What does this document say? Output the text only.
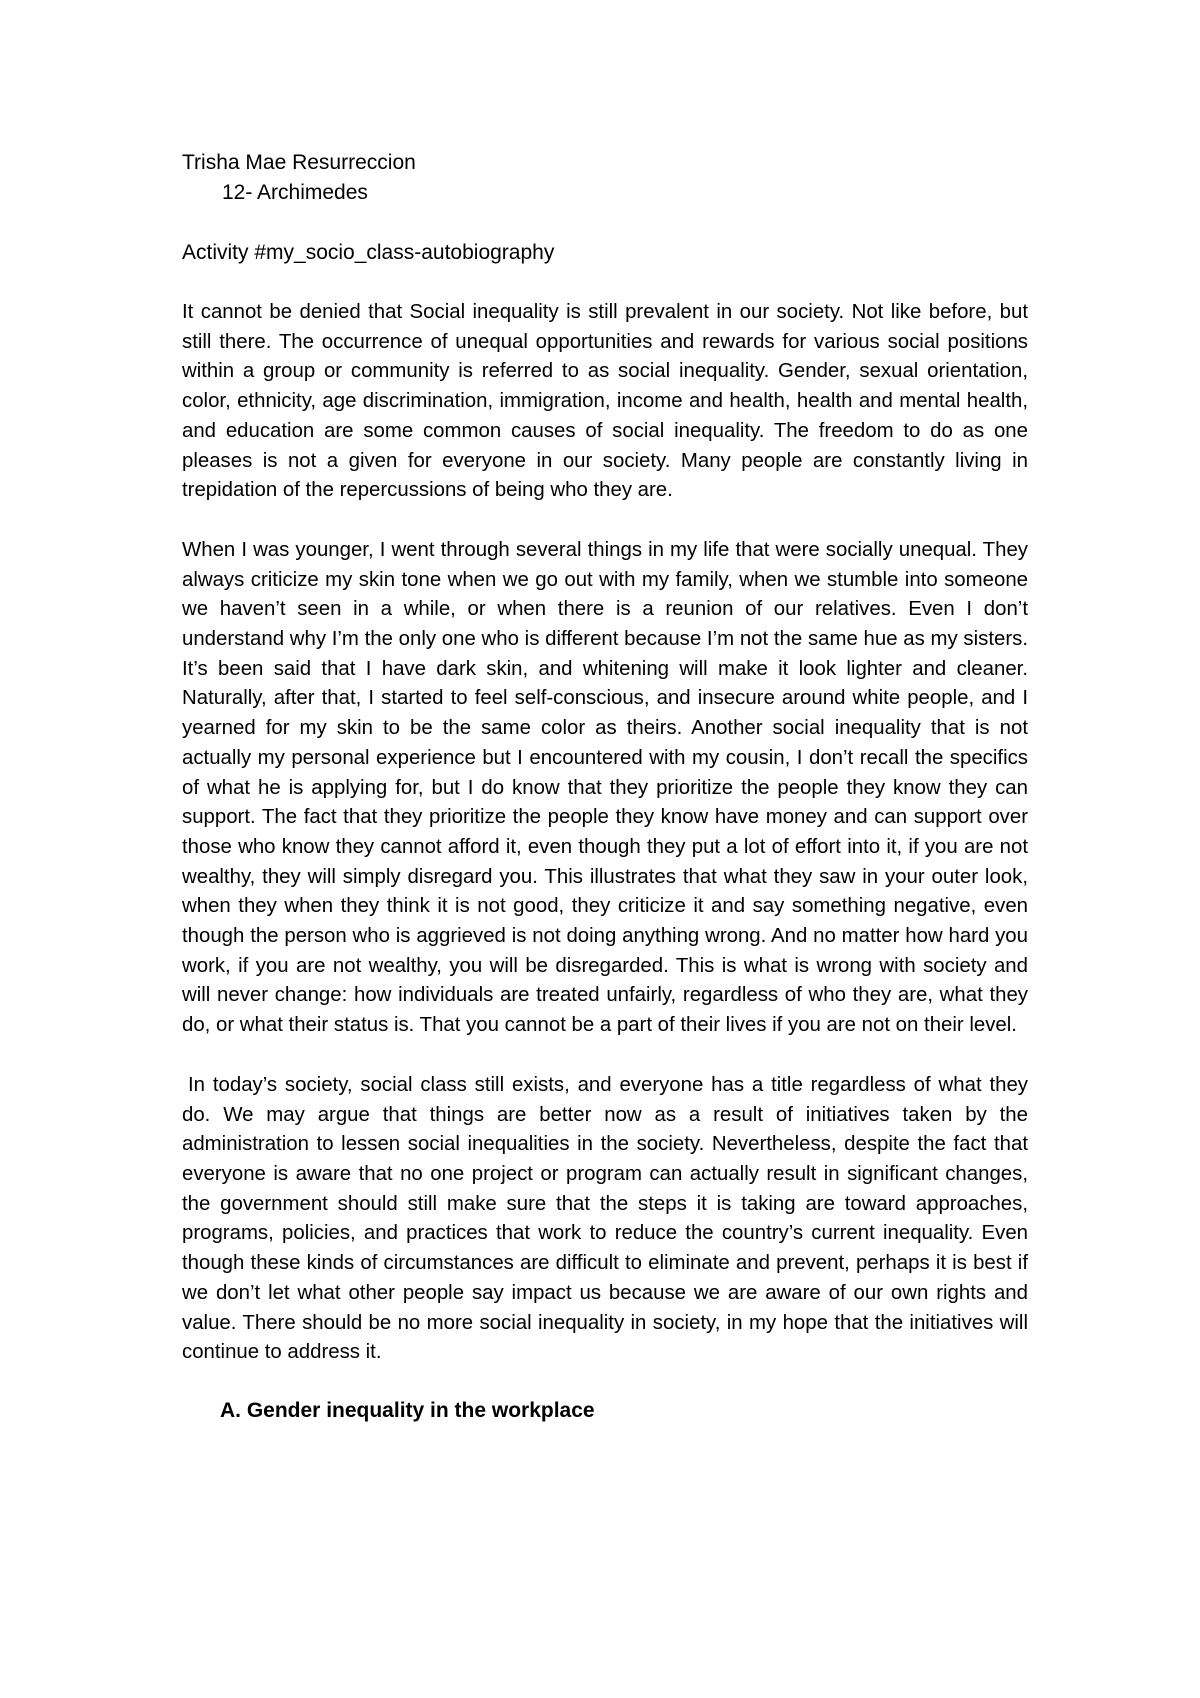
Trisha Mae Resurreccion

12- Archimedes

Activity #my_socio_class-autobiography

It cannot be denied that Social inequality is still prevalent in our society. Not like before, but still there. The occurrence of unequal opportunities and rewards for various social positions within a group or community is referred to as social inequality. Gender, sexual orientation, color, ethnicity, age discrimination, immigration, income and health, health and mental health, and education are some common causes of social inequality. The freedom to do as one pleases is not a given for everyone in our society. Many people are constantly living in trepidation of the repercussions of being who they are.

When I was younger, I went through several things in my life that were socially unequal. They always criticize my skin tone when we go out with my family, when we stumble into someone we haven’t seen in a while, or when there is a reunion of our relatives. Even I don’t understand why I’m the only one who is different because I’m not the same hue as my sisters. It’s been said that I have dark skin, and whitening will make it look lighter and cleaner. Naturally, after that, I started to feel self-conscious, and insecure around white people, and I yearned for my skin to be the same color as theirs. Another social inequality that is not actually my personal experience but I encountered with my cousin, I don’t recall the specifics of what he is applying for, but I do know that they prioritize the people they know they can support. The fact that they prioritize the people they know have money and can support over those who know they cannot afford it, even though they put a lot of effort into it, if you are not wealthy, they will simply disregard you. This illustrates that what they saw in your outer look, when they when they think it is not good, they criticize it and say something negative, even though the person who is aggrieved is not doing anything wrong. And no matter how hard you work, if you are not wealthy, you will be disregarded. This is what is wrong with society and will never change: how individuals are treated unfairly, regardless of who they are, what they do, or what their status is. That you cannot be a part of their lives if you are not on their level.

In today’s society, social class still exists, and everyone has a title regardless of what they do. We may argue that things are better now as a result of initiatives taken by the administration to lessen social inequalities in the society. Nevertheless, despite the fact that everyone is aware that no one project or program can actually result in significant changes, the government should still make sure that the steps it is taking are toward approaches, programs, policies, and practices that work to reduce the country’s current inequality. Even though these kinds of circumstances are difficult to eliminate and prevent, perhaps it is best if we don’t let what other people say impact us because we are aware of our own rights and value. There should be no more social inequality in society, in my hope that the initiatives will continue to address it.

A. Gender inequality in the workplace
